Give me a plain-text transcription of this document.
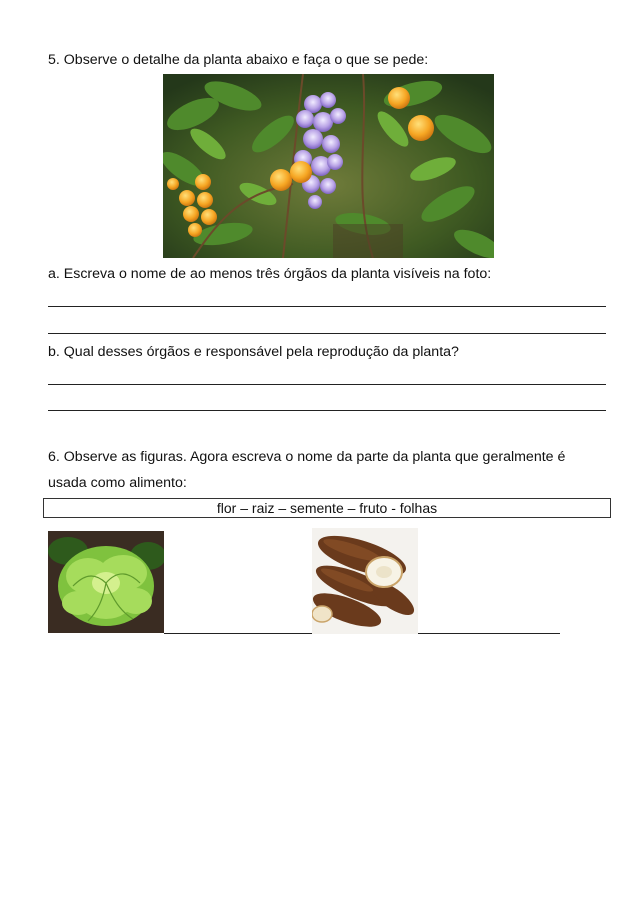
5. Observe o detalhe da planta abaixo e faça o que se pede:
a. Escreva o nome de ao menos três órgãos da planta visíveis na foto:
b. Qual desses órgãos e responsável pela reprodução da planta?
6. Observe as figuras. Agora escreva o nome da parte da planta que geralmente é
usada como alimento:
flor – raiz – semente – fruto - folhas
